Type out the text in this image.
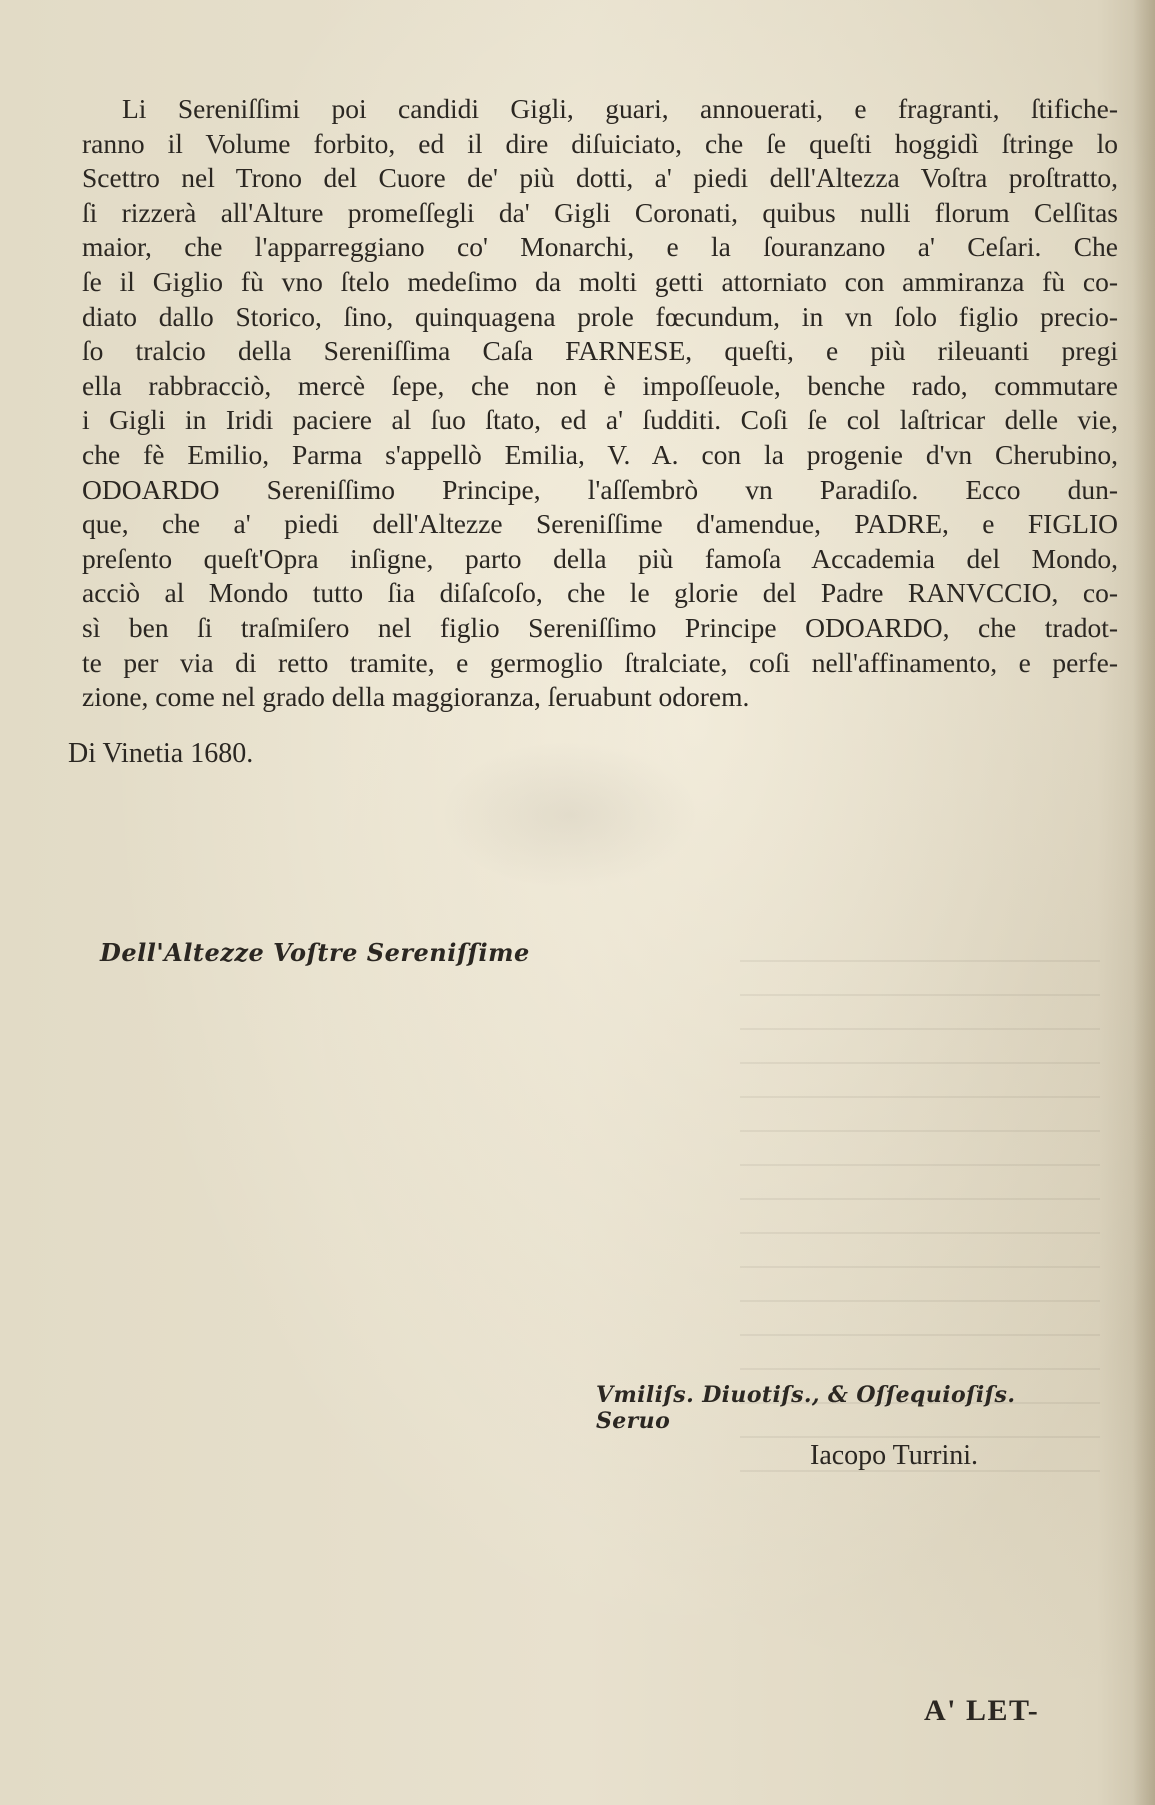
Li Sereniſſimi poi candidi Gigli, guari, annouerati, e fragranti, ſtifiche-
ranno il Volume forbito, ed il dire diſuiciato, che ſe queſti hoggidì ſtringe lo
Scettro nel Trono del Cuore de' più dotti, a' piedi dell'Altezza Voſtra proſtratto,
ſi rizzerà all'Alture promeſſegli da' Gigli Coronati, quibus nulli florum Celſitas
maior, che l'apparreggiano co' Monarchi, e la ſouranzano a' Ceſari. Che
ſe il Giglio fù vno ſtelo medeſimo da molti getti attorniato con ammiranza fù co-
diato dallo Storico, ſino, quinquagena prole fœcundum, in vn ſolo figlio precio-
ſo tralcio della Sereniſſima Caſa FARNESE, queſti, e più rileuanti pregi
ella rabbracciò, mercè ſepe, che non è impoſſeuole, benche rado, commutare
i Gigli in Iridi paciere al ſuo ſtato, ed a' ſudditi. Coſi ſe col laſtricar delle vie,
che fè Emilio, Parma s'appellò Emilia, V. A. con la progenie d'vn Cherubino,
ODOARDO Sereniſſimo Principe, l'aſſembrò vn Paradiſo. Ecco dun-
que, che a' piedi dell'Altezze Sereniſſime d'amendue, PADRE, e FIGLIO
preſento queſt'Opra inſigne, parto della più famoſa Accademia del Mondo,
acciò al Mondo tutto ſia diſaſcoſo, che le glorie del Padre RANVCCIO, co-
sì ben ſi traſmiſero nel figlio Sereniſſimo Principe ODOARDO, che tradot-
te per via di retto tramite, e germoglio ſtralciate, coſi nell'affinamento, e perfe-
zione, come nel grado della maggioranza, ſeruabunt odorem.

Di Vinetia 1680.

Dell'Altezze Voſtre Sereniſſime

Vmiliſs. Diuotiſs., & Oſſequioſiſs. Seruo
Iacopo Turrini.

A' LET-
